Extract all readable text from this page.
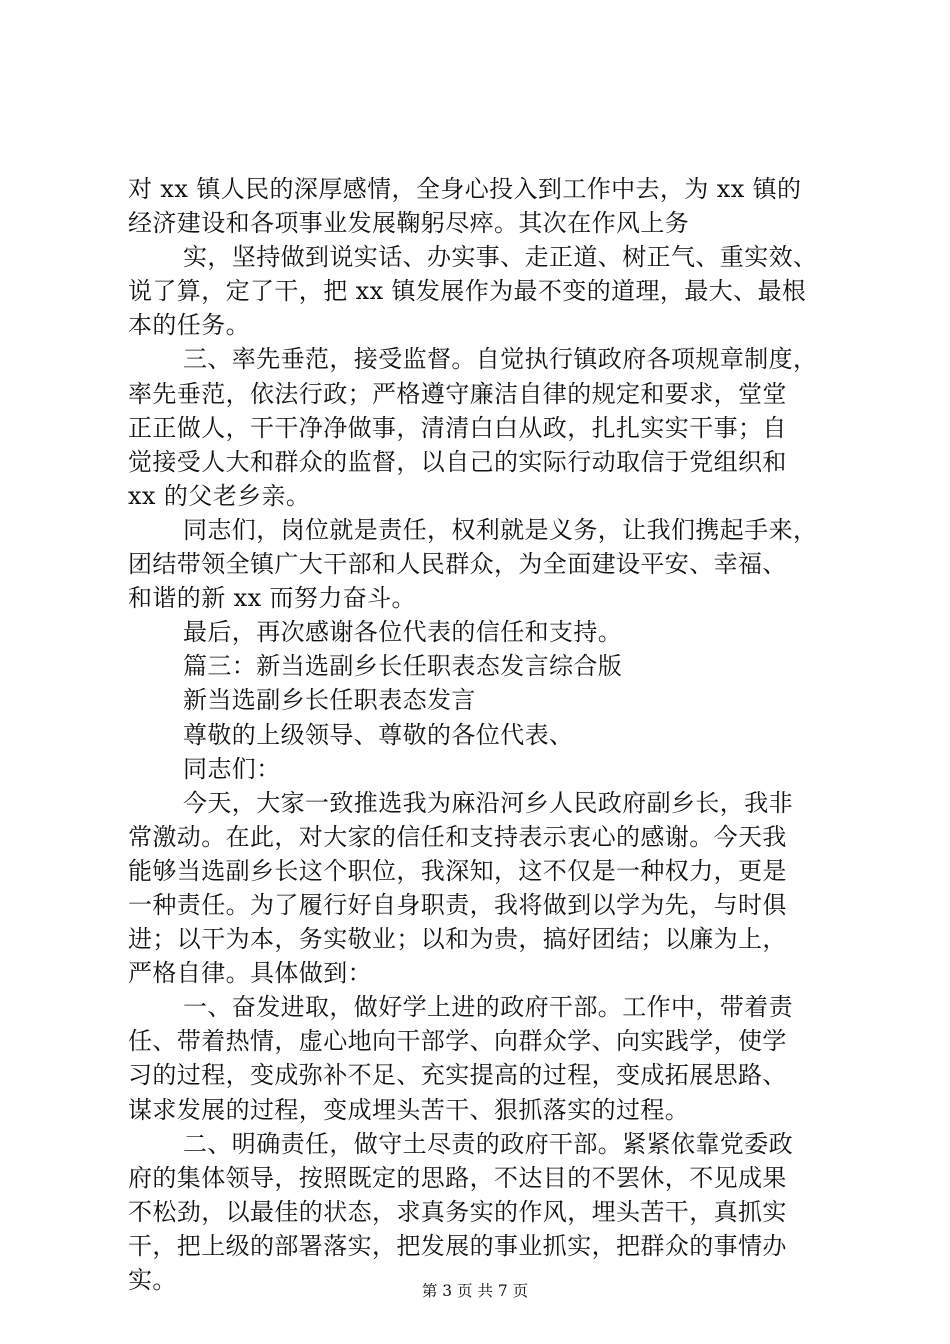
对 xx 镇人民的深厚感情，全身心投入到工作中去，为 xx 镇的
经济建设和各项事业发展鞠躬尽瘁。其次在作风上务
实，坚持做到说实话、办实事、走正道、树正气、重实效、
说了算，定了干，把 xx 镇发展作为最不变的道理，最大、最根
本的任务。
三、率先垂范，接受监督。自觉执行镇政府各项规章制度，
率先垂范，依法行政；严格遵守廉洁自律的规定和要求，堂堂
正正做人，干干净净做事，清清白白从政，扎扎实实干事；自
觉接受人大和群众的监督，以自己的实际行动取信于党组织和
xx 的父老乡亲。
同志们，岗位就是责任，权利就是义务，让我们携起手来，
团结带领全镇广大干部和人民群众，为全面建设平安、幸福、
和谐的新 xx 而努力奋斗。
最后，再次感谢各位代表的信任和支持。
篇三：新当选副乡长任职表态发言综合版
新当选副乡长任职表态发言
尊敬的上级领导、尊敬的各位代表、
同志们：
今天，大家一致推选我为麻沿河乡人民政府副乡长，我非
常激动。在此，对大家的信任和支持表示衷心的感谢。今天我
能够当选副乡长这个职位，我深知，这不仅是一种权力，更是
一种责任。为了履行好自身职责，我将做到以学为先，与时俱
进；以干为本，务实敬业；以和为贵，搞好团结；以廉为上，
严格自律。具体做到：
一、奋发进取，做好学上进的政府干部。工作中，带着责
任、带着热情，虚心地向干部学、向群众学、向实践学，使学
习的过程，变成弥补不足、充实提高的过程，变成拓展思路、
谋求发展的过程，变成埋头苦干、狠抓落实的过程。
二、明确责任，做守土尽责的政府干部。紧紧依靠党委政
府的集体领导，按照既定的思路，不达目的不罢休，不见成果
不松劲，以最佳的状态，求真务实的作风，埋头苦干，真抓实
干，把上级的部署落实，把发展的事业抓实，把群众的事情办
实。	第 3 页 共 7 页
